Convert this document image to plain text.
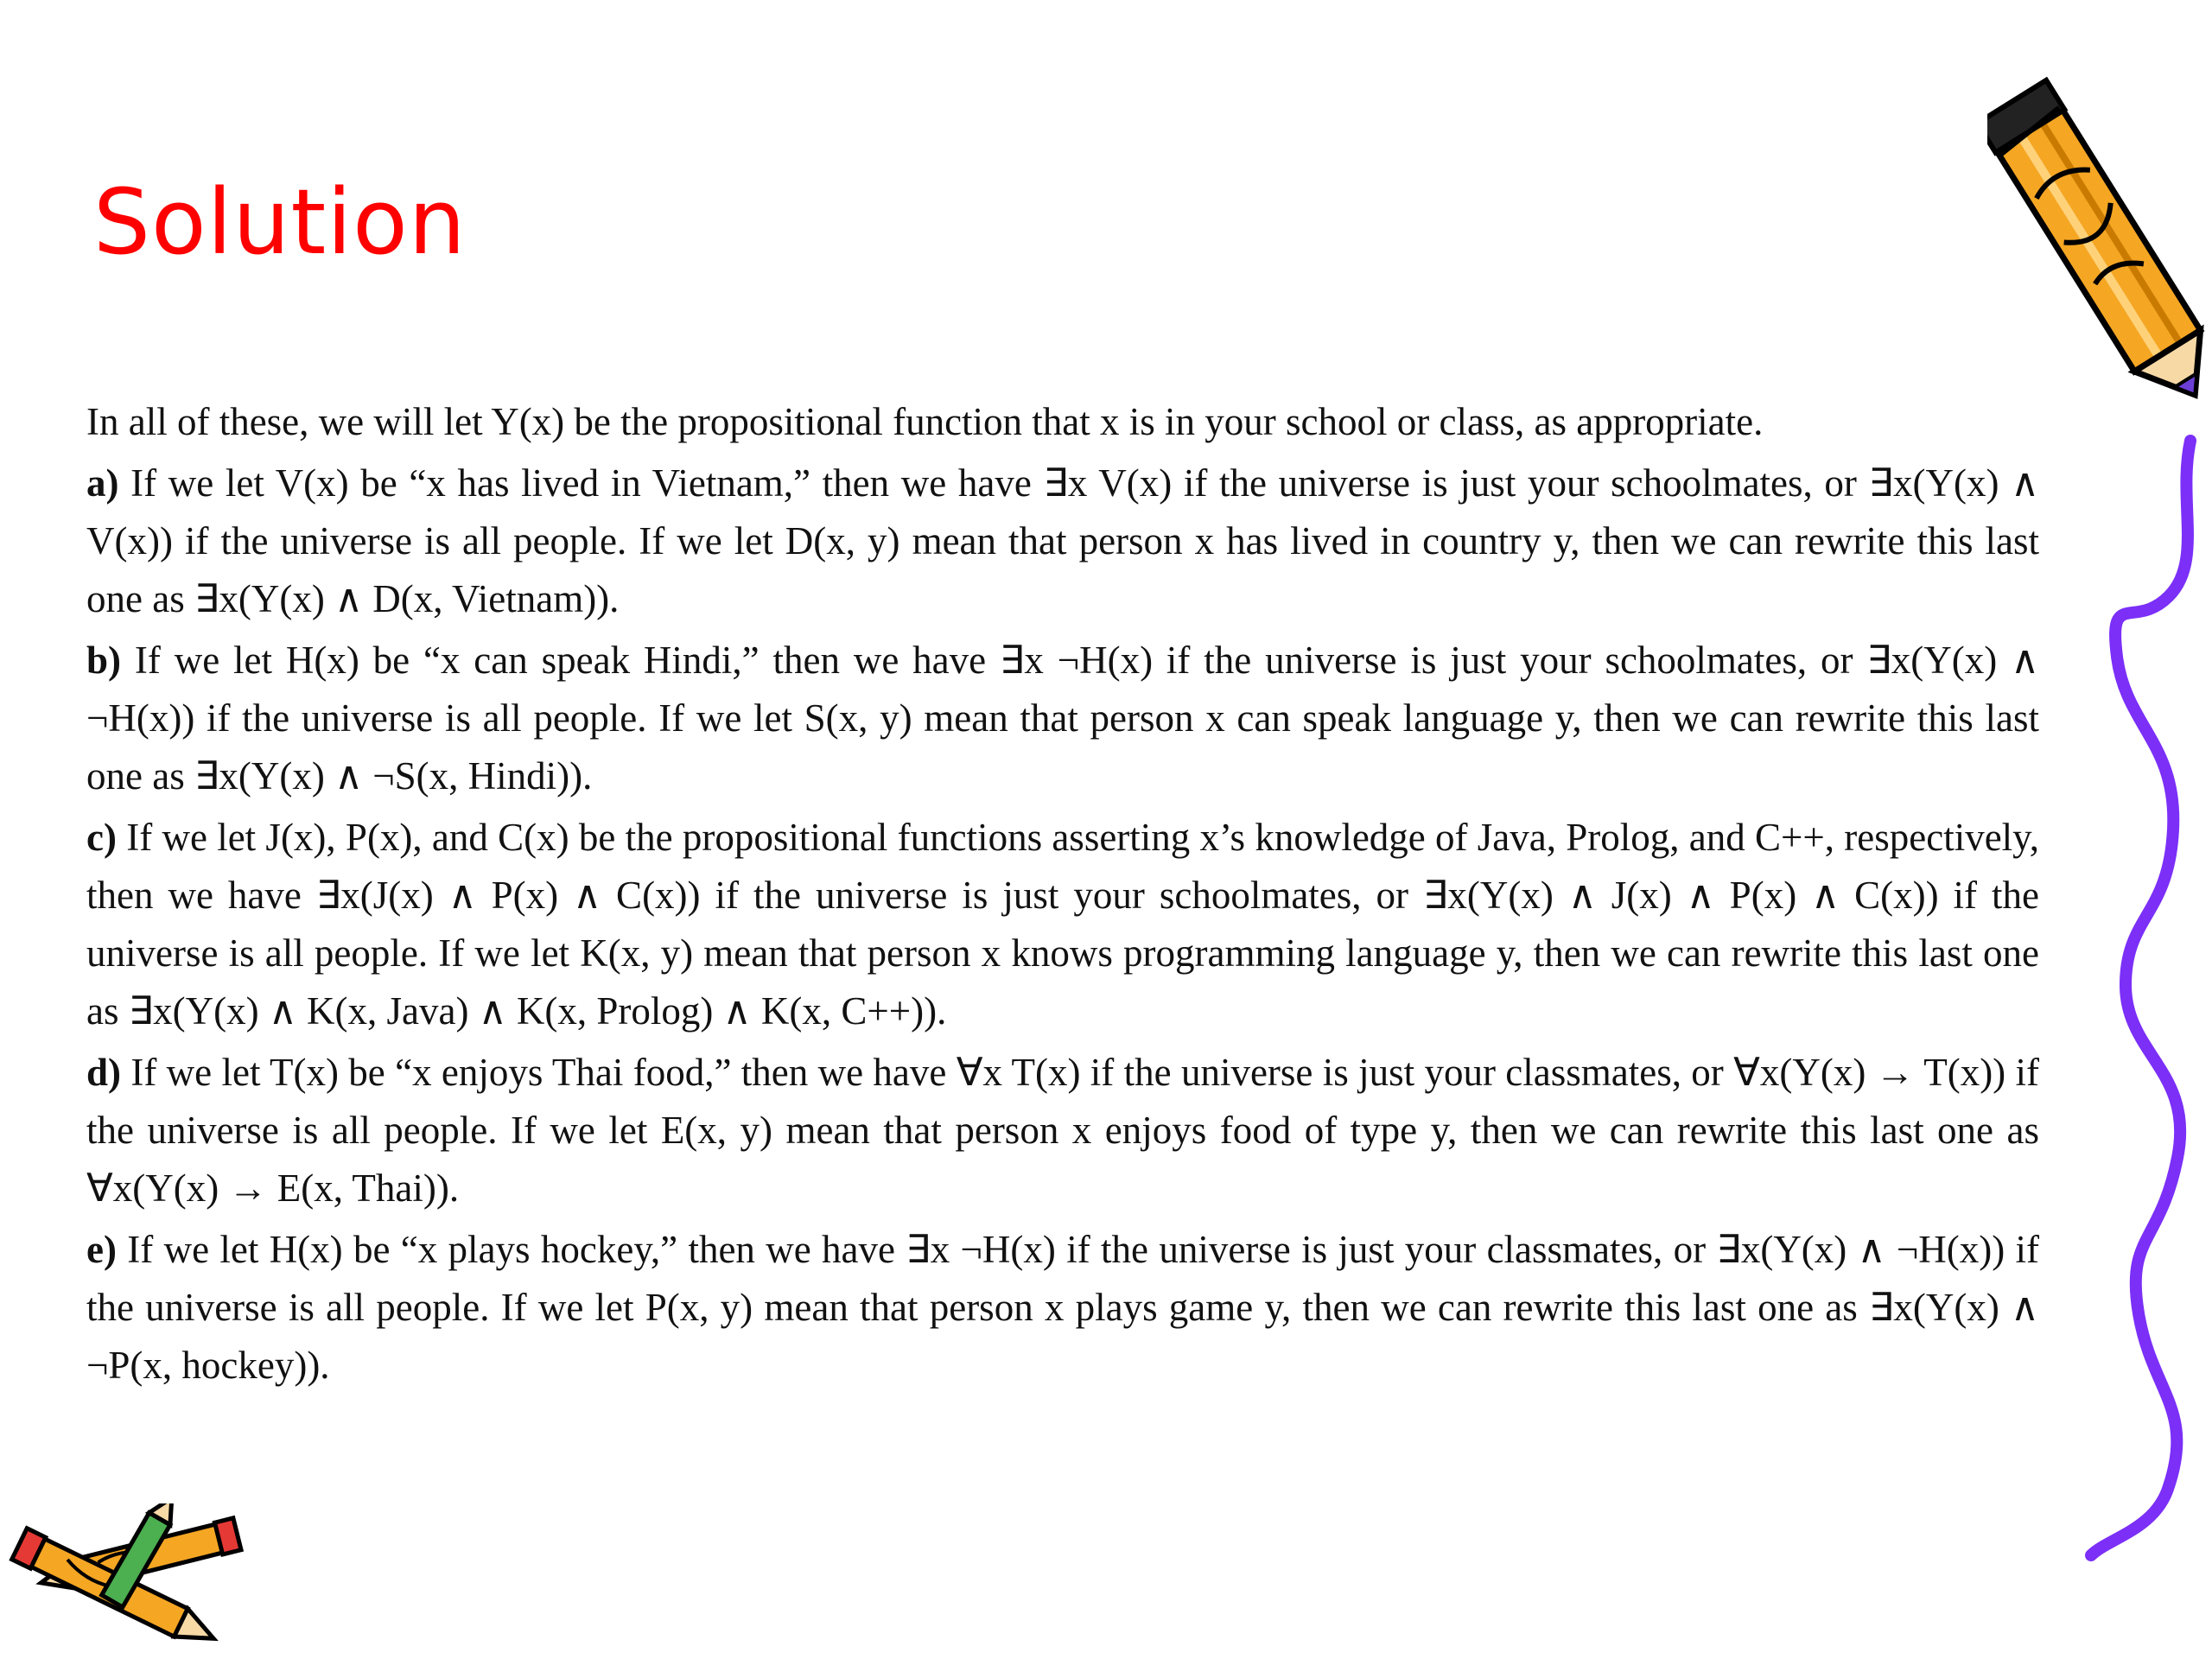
Solution

In all of these, we will let Y(x) be the propositional function that x is in your school or class, as appropriate.

a) If we let V(x) be “x has lived in Vietnam,” then we have ∃x V(x) if the universe is just your schoolmates, or ∃x(Y(x) ∧ V(x)) if the universe is all people. If we let D(x, y) mean that person x has lived in country y, then we can rewrite this last one as ∃x(Y(x) ∧ D(x, Vietnam)).

b) If we let H(x) be “x can speak Hindi,” then we have ∃x ¬H(x) if the universe is just your schoolmates, or ∃x(Y(x) ∧ ¬H(x)) if the universe is all people. If we let S(x, y) mean that person x can speak language y, then we can rewrite this last one as ∃x(Y(x) ∧ ¬S(x, Hindi)).

c) If we let J(x), P(x), and C(x) be the propositional functions asserting x’s knowledge of Java, Prolog, and C++, respectively, then we have ∃x(J(x) ∧ P(x) ∧ C(x)) if the universe is just your schoolmates, or ∃x(Y(x) ∧ J(x) ∧ P(x) ∧ C(x)) if the universe is all people. If we let K(x, y) mean that person x knows programming language y, then we can rewrite this last one as ∃x(Y(x) ∧ K(x, Java) ∧ K(x, Prolog) ∧ K(x, C++)).

d) If we let T(x) be “x enjoys Thai food,” then we have ∀x T(x) if the universe is just your classmates, or ∀x(Y(x) → T(x)) if the universe is all people. If we let E(x, y) mean that person x enjoys food of type y, then we can rewrite this last one as ∀x(Y(x) → E(x, Thai)).

e) If we let H(x) be “x plays hockey,” then we have ∃x ¬H(x) if the universe is just your classmates, or ∃x(Y(x) ∧ ¬H(x)) if the universe is all people. If we let P(x, y) mean that person x plays game y, then we can rewrite this last one as ∃x(Y(x) ∧ ¬P(x, hockey)).
